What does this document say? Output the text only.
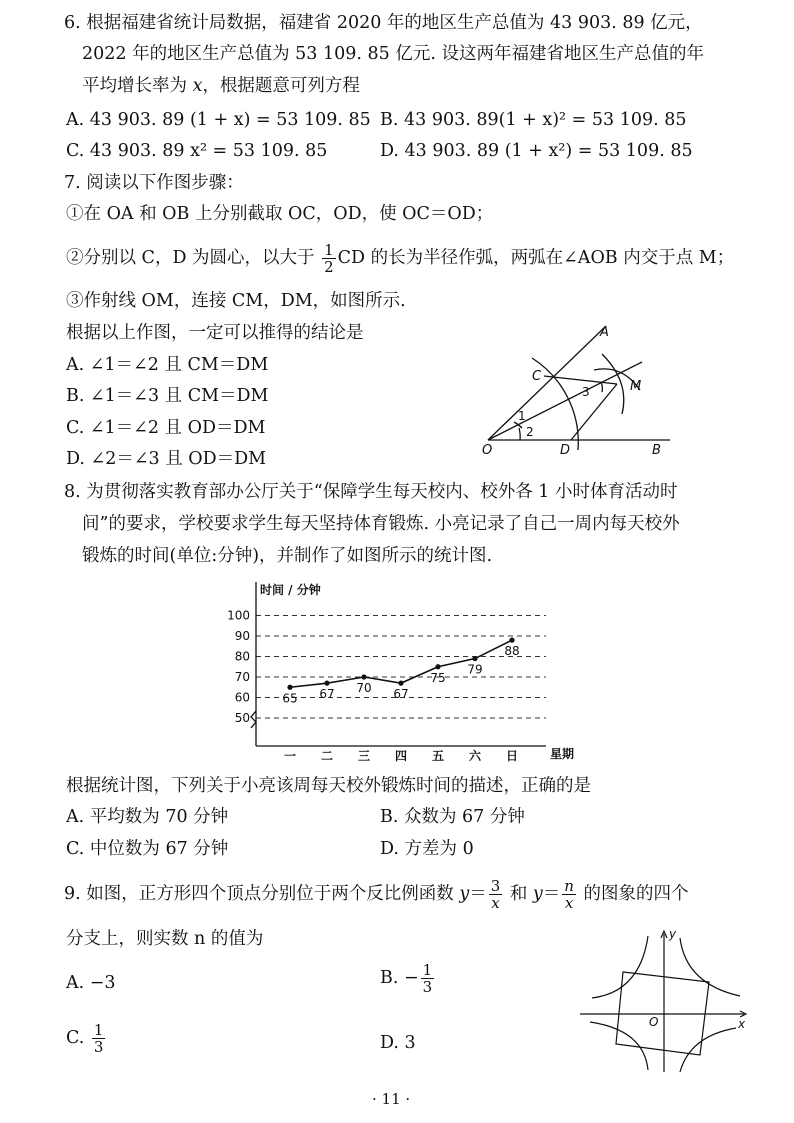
6. 根据福建省统计局数据，福建省 2020 年的地区生产总值为 43 903. 89 亿元，
2022 年的地区生产总值为 53 109. 85 亿元. 设这两年福建省地区生产总值的年
平均增长率为 x，根据题意可列方程
A. 43 903. 89 (1 + x) = 53 109. 85 B. 43 903. 89(1 + x)² = 53 109. 85
C. 43 903. 89 x² = 53 109. 85	D. 43 903. 89 (1 + x²) = 53 109. 85
7. 阅读以下作图步骤：
①在 OA 和 OB 上分别截取 OC，OD，使 OC＝OD；
②分别以 C，D 为圆心，以大于 $\frac{1}{2}$ CD 的长为半径作弧，两弧在∠AOB 内交于点 M；
③作射线 OM，连接 CM，DM，如图所示.
根据以上作图，一定可以推得的结论是
A. ∠1＝∠2 且 CM＝DM
B. ∠1＝∠3 且 CM＝DM
C. ∠1＝∠2 且 OD＝DM
D. ∠2＝∠3 且 OD＝DM
A
C
M
O	D	B
1
2
3
8. 为贯彻落实教育部办公厅关于“保障学生每天校内、校外各 1 小时体育活动时
间”的要求，学校要求学生每天坚持体育锻炼. 小亮记录了自己一周内每天校外
锻炼的时间(单位:分钟)，并制作了如图所示的统计图.
时间 / 分钟
星期
50
60
70
80
90
100
一 二 三 四 五 六 日
65 67 70 67
75
79
88
根据统计图，下列关于小亮该周每天校外锻炼时间的描述，正确的是
A. 平均数为 70 分钟	B. 众数为 67 分钟
C. 中位数为 67 分钟	D. 方差为 0
9. 如图，正方形四个顶点分别位于两个反比例函数 $y= \frac{3}{x}$ 和 $y= \frac{n}{x}$ 的图象的四个
分支上，则实数 n 的值为
A. −3	B. − $\frac{1}{3}$
C. $\frac{1}{3}$	D. 3
y
x
O
· 11 ·
